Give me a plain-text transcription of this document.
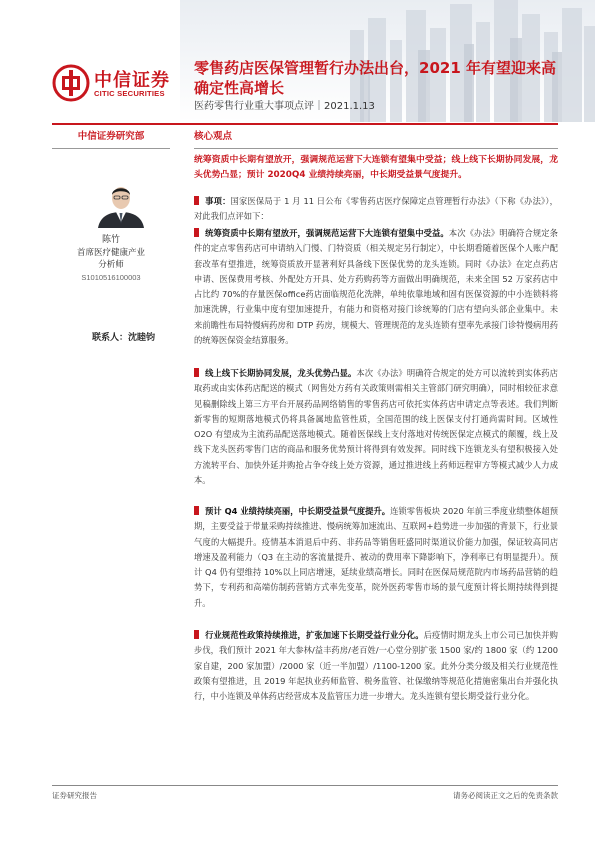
中信证券
CITIC SECURITIES
零售药店医保管理暂行办法出台，2021 年有望迎来高确定性高增长
医药零售行业重大事项点评｜2021.1.13
中信证券研究部
陈竹
首席医疗健康产业
分析师
S1010516100003
联系人：沈睦钧
核心观点
统筹资质中长期有望放开，强调规范运营下大连锁有望集中受益；线上线下长期协同发展，龙头优势凸显；预计 2020Q4 业绩持续亮丽，中长期受益景气度提升。
事项：国家医保局于 1 月 11 日公布《零售药店医疗保障定点管理暂行办法》（下称《办法》），对此我们点评如下：
统筹资质中长期有望放开，强调规范运营下大连锁有望集中受益。本次《办法》明确符合规定条件的定点零售药店可申请纳入门慢、门特资质（相关规定另行制定），中长期看随着医保个人账户配套改革有望推进，统筹资质放开显著利好具备线下医保优势的龙头连锁。同时《办法》在定点药店申请、医保费用考核、外配处方开具、处方药购药等方面做出明确规范，未来全国 52 万家药店中占比约 70%的存量医保office药店面临规范化洗牌，单纯依靠地域和固有医保资源的中小连锁料将加速洗牌，行业集中度有望加速提升，有能力和资格对接门诊统筹的门店有望向头部企业集中。未来前瞻性布局特慢病药房和 DTP 药房，规模大、管理规范的龙头连锁有望率先承接门诊特慢病用药的统筹医保资金结算服务。
线上线下长期协同发展，龙头优势凸显。本次《办法》明确符合规定的处方可以流转到实体药店取药或由实体药店配送的模式（网售处方药有关政策则需相关主管部门研究明确），同时相较征求意见稿删除线上第三方平台开展药品网络销售的零售药店可依托实体药店申请定点等表述。我们判断新零售的短期落地模式仍将具备属地监管性质，全国范围的线上医保支付打通尚需时间。区域性 O2O 有望成为主流药品配送落地模式。随着医保线上支付落地对传统医保定点模式的颠覆，线上及线下龙头医药零售门店的商品和服务优势预计将得到有效发挥。同时线下连锁龙头有望积极接入处方流转平台、加快外延并购抢占争夺线上处方资源，通过推进线上药师远程审方等模式减少人力成本。
预计 Q4 业绩持续亮丽，中长期受益景气度提升。连锁零售板块 2020 年前三季度业绩整体超预期，主要受益于带量采购持续推进、慢病统筹加速流出、互联网+趋势进一步加强的背景下，行业景气度的大幅提升。疫情基本消退后中药、非药品等销售旺盛同时渠道议价能力加强，保证较高同店增速及盈利能力（Q3 在主动的客流量提升、被动的费用率下降影响下，净利率已有明显提升）。预计 Q4 仍有望维持 10%以上同店增速，延续业绩高增长。同时在医保局规范院内市场药品营销的趋势下，专利药和高端仿制药营销方式率先变革，院外医药零售市场的景气度预计将长期持续得到提升。
行业规范性政策持续推进，扩张加速下长期受益行业分化。后疫情时期龙头上市公司已加快并购步伐，我们预计 2021 年大参林/益丰药房/老百姓/一心堂分别扩张 1500 家/约 1800 家（约 1200 家自建，200 家加盟）/2000 家（近一半加盟）/1100-1200 家。此外分类分级及相关行业规范性政策有望推进，且 2019 年起执业药师监管、税务监管、社保缴纳等规范化措施密集出台并强化执行，中小连锁及单体药店经营成本及监管压力进一步增大。龙头连锁有望长期受益行业分化。
证券研究报告	请务必阅读正文之后的免责条款
